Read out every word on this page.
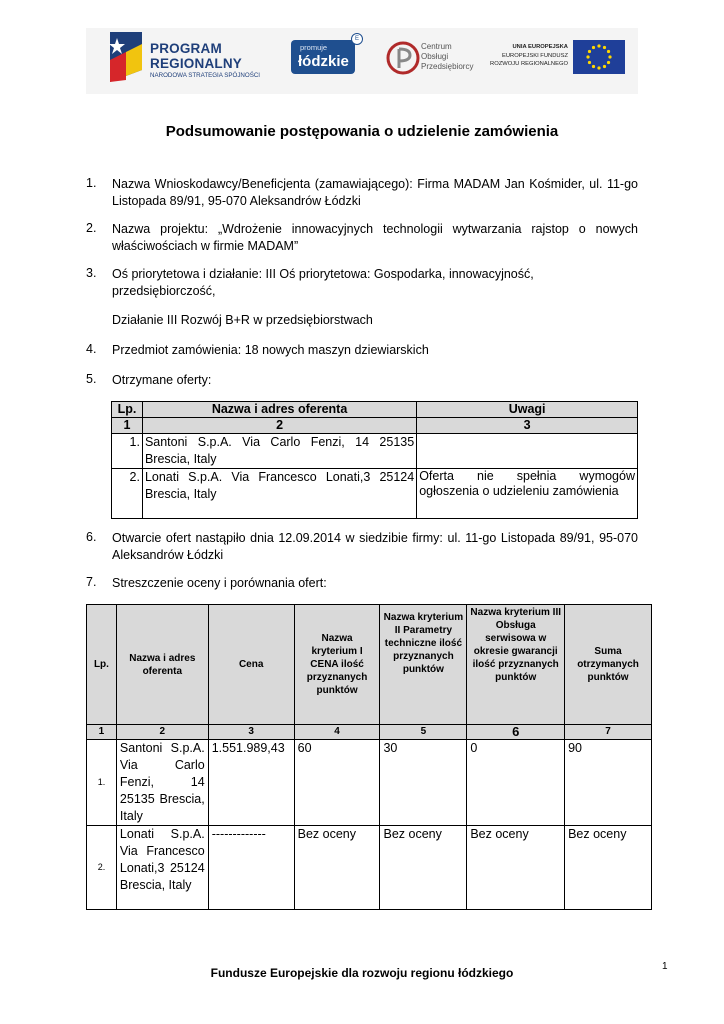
PROGRAM
REGIONALNY
NARODOWA STRATEGIA SPÓJNOŚCI
promuje
łódzkie
E
Centrum
Obsługi
Przedsiębiorcy
UNIA EUROPEJSKA
EUROPEJSKI FUNDUSZ
ROZWOJU REGIONALNEGO
Podsumowanie postępowania o udzielenie zamówienia
1. Nazwa Wnioskodawcy/Beneficjenta (zamawiającego): Firma MADAM Jan Kośmider, ul. 11-go Listopada 89/91, 95-070 Aleksandrów Łódzki
2. Nazwa projektu: „Wdrożenie innowacyjnych technologii wytwarzania rajstop o nowych właściwościach w firmie MADAM”
3. Oś priorytetowa i działanie: III Oś priorytetowa: Gospodarka, innowacyjność, przedsiębiorczość,
Działanie III Rozwój B+R w przedsiębiorstwach
4. Przedmiot zamówienia: 18 nowych maszyn dziewiarskich
5. Otrzymane oferty:
Lp.	Nazwa i adres oferenta	Uwagi
1	2	3
1.	Santoni S.p.A. Via Carlo Fenzi, 14 25135 Brescia, Italy	
2.	Lonati S.p.A. Via Francesco Lonati,3 25124 Brescia, Italy	Oferta nie spełnia wymogów ogłoszenia o udzieleniu zamówienia
6. Otwarcie ofert nastąpiło dnia 12.09.2014 w siedzibie firmy: ul. 11-go Listopada 89/91, 95-070 Aleksandrów Łódzki
7. Streszczenie oceny i porównania ofert:
Lp.	Nazwa i adres oferenta	Cena	Nazwa kryterium I CENA ilość przyznanych punktów	Nazwa kryterium II Parametry techniczne ilość przyznanych punktów	Nazwa kryterium III Obsługa serwisowa w okresie gwarancji ilość przyznanych punktów	Suma otrzymanych punktów
1	2	3	4	5	6	7
1.	Santoni S.p.A. Via Carlo Fenzi, 14 25135 Brescia, Italy	1.551.989,43	60	30	0	90
2.	Lonati S.p.A. Via Francesco Lonati,3 25124 Brescia, Italy	-------------	Bez oceny	Bez oceny	Bez oceny	Bez oceny
Fundusze Europejskie dla rozwoju regionu łódzkiego	1
